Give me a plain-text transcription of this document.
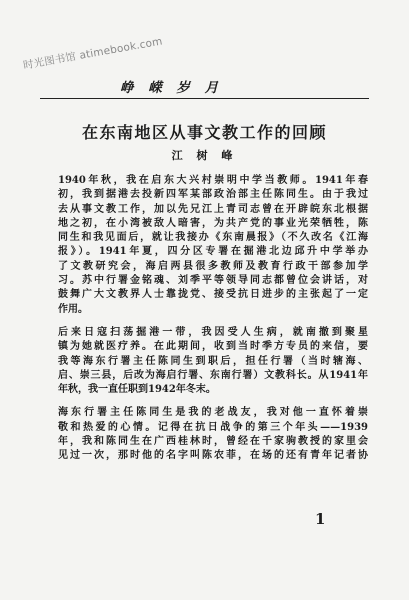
时光图书馆 atimebook.com
峥 嵘 岁 月
在东南地区从事文教工作的回顾
江 树 峰
1940年秋，我在启东大兴村崇明中学当教师。1941年春
初，我到据港去投新四军某部政治部主任陈同生。由于我过
去从事文教工作，加以先兄江上青司志曾在开辟皖东北根据
地之初，在小湾被敌人暗害，为共产党的事业光荣牺牲，陈
同生和我见面后，就让我接办《东南晨报》（不久改名《江海
报》）。1941年夏，四分区专署在掘港北边邱升中学举办
了文教研究会，海启两县很多教师及教育行政干部参加学
习。苏中行署金铭魂、刘季平等领导同志都曾位会讲话，对
鼓舞广大文教界人士靠拢党、接受抗日进步的主张起了一定
作用。
后来日寇扫荡掘港一带，我因受人生病，就南撤到聚星
镇为她就医疗养。在此期间，收到当时季方专员的来信，要
我等海东行署主任陈同生到职后，担任行署（当时辖海、
启、崇三县，后改为海启行署、东南行署）文教科长。从1941年
年秋，我一直任职到1942年冬末。
海东行署主任陈同生是我的老战友，我对他一直怀着崇
敬和热爱的心情。记得在抗日战争的第三个年头——1939
年，我和陈同生在广西桂林时，曾经在千家驹教授的家里会
见过一次，那时他的名字叫陈农菲，在场的还有青年记者协
1
